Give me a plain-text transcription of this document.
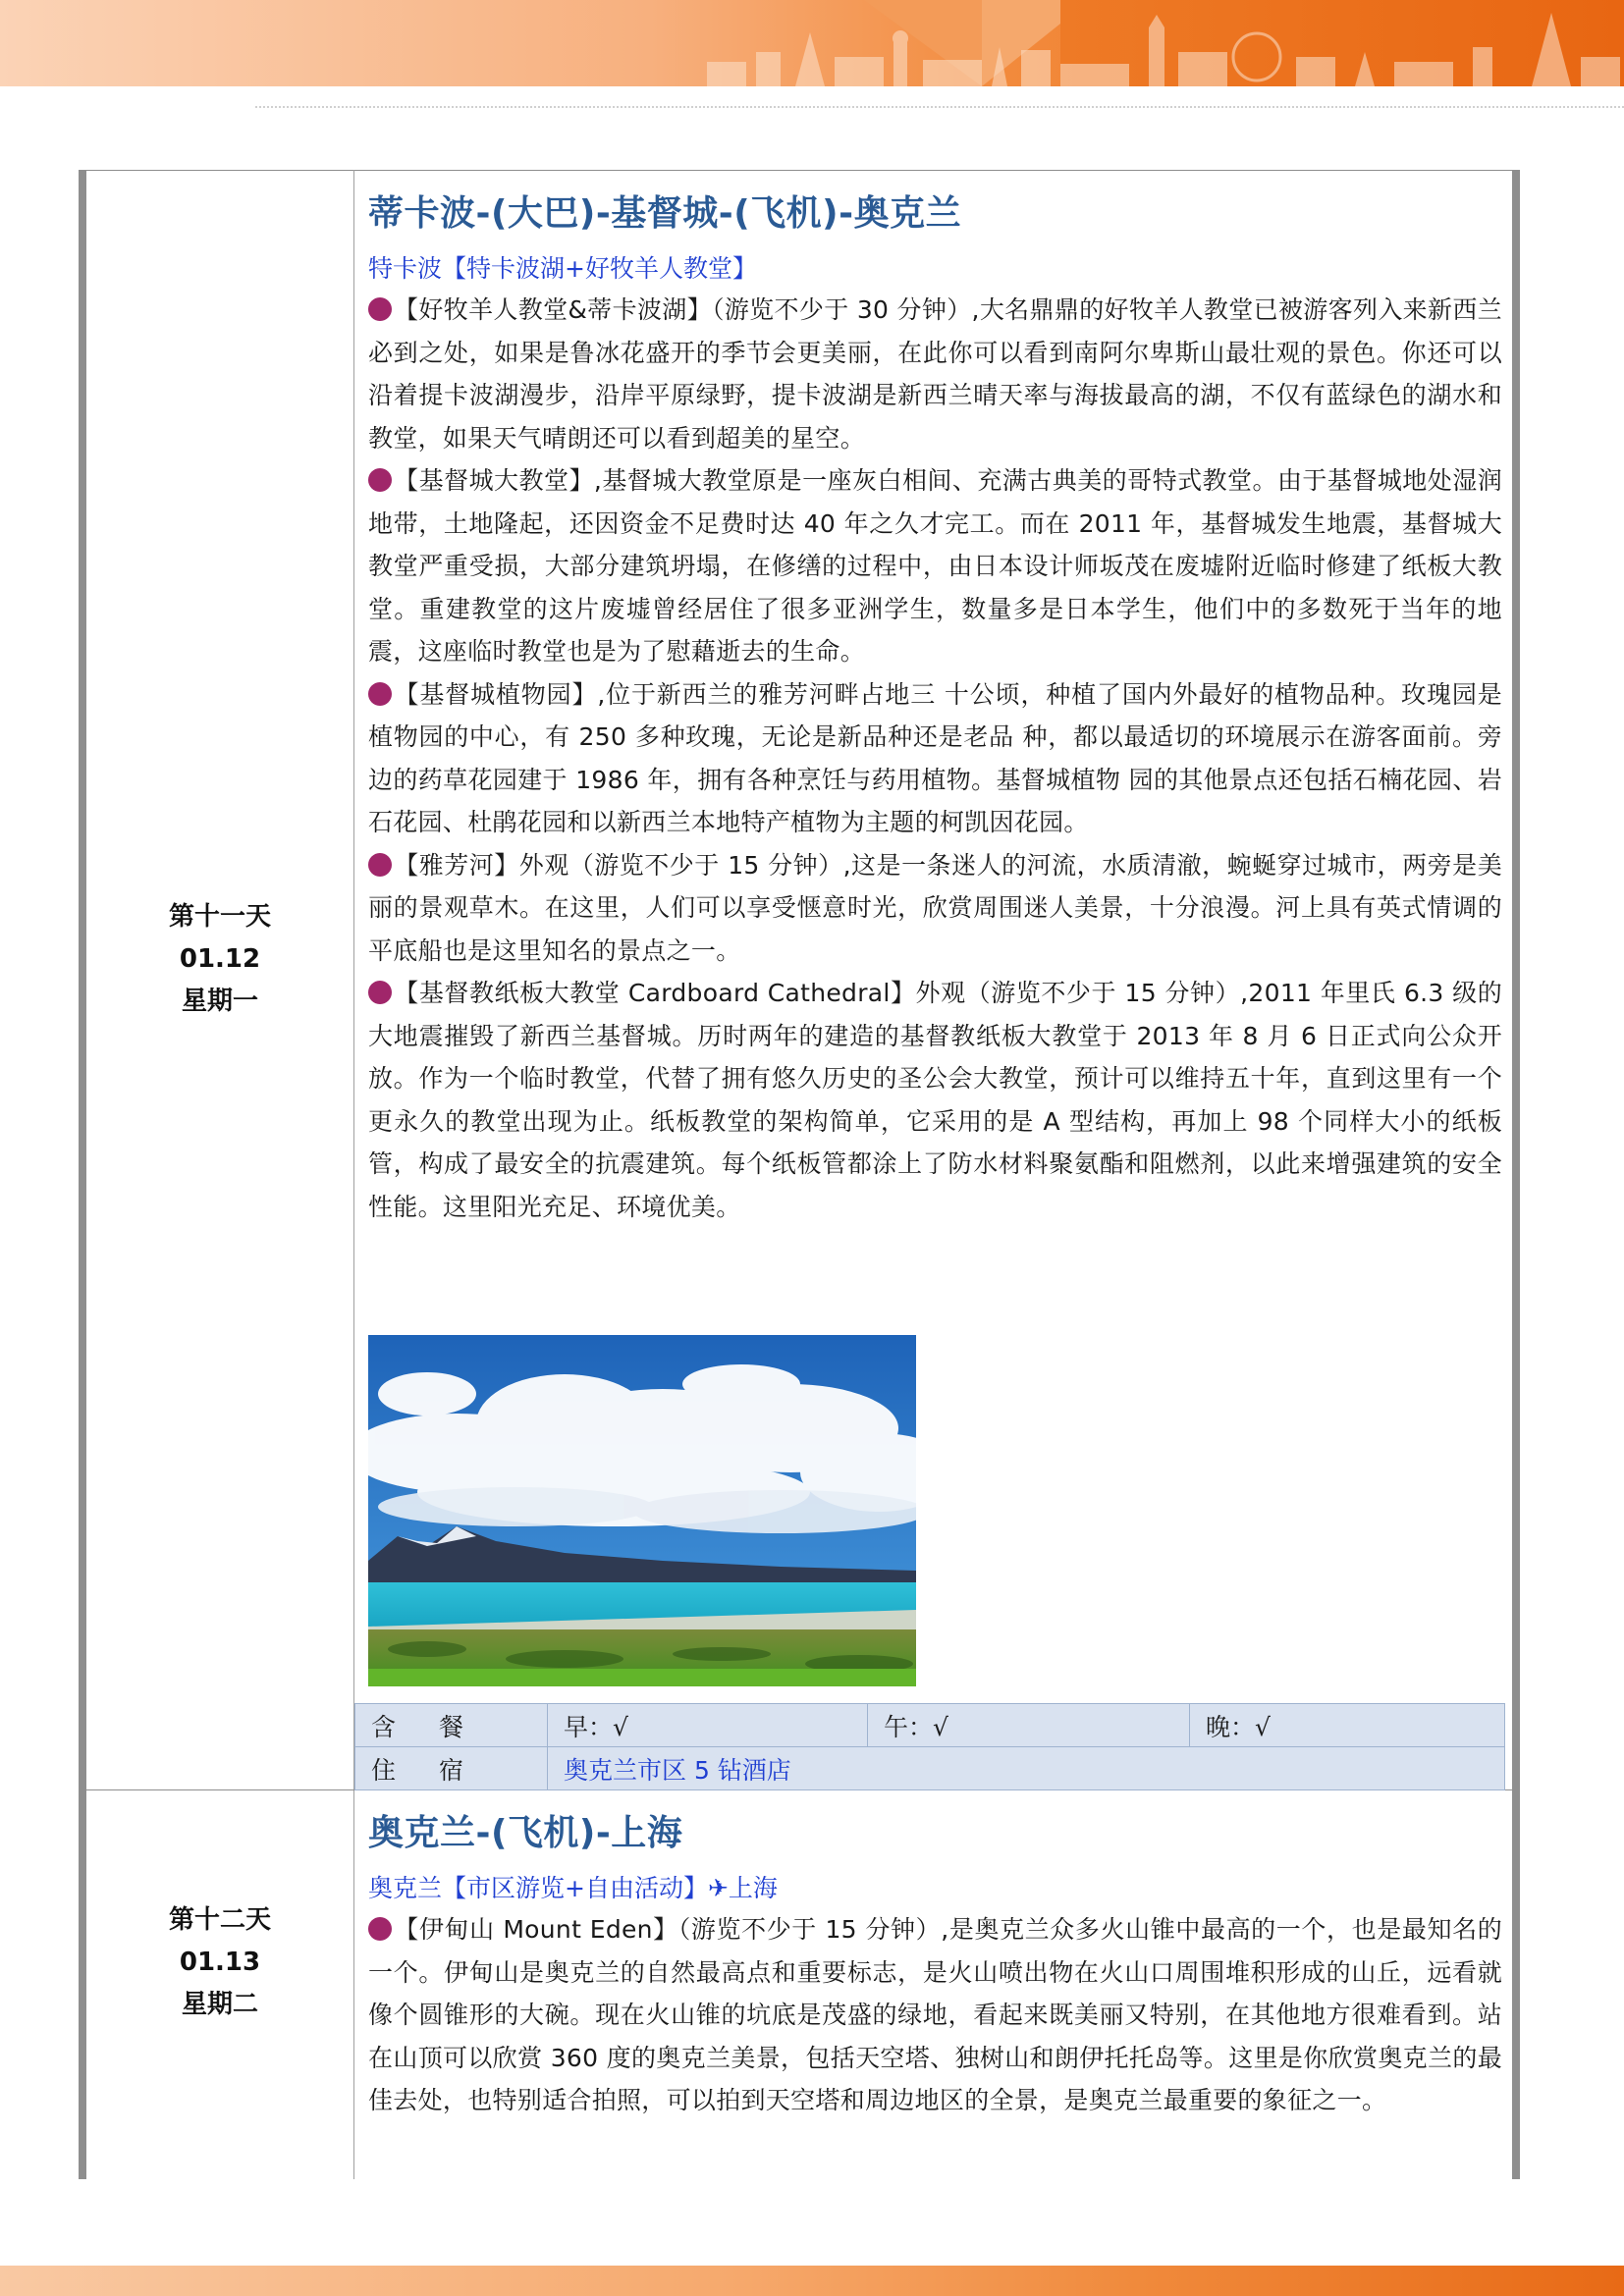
第十一天
01.12
星期一
蒂卡波-(大巴)-基督城-(飞机)-奥克兰
特卡波【特卡波湖+好牧羊人教堂】
【好牧羊人教堂&蒂卡波湖】（游览不少于 30 分钟）,大名鼎鼎的好牧羊人教堂已被游客列入来新西兰必到之处，如果是鲁冰花盛开的季节会更美丽，在此你可以看到南阿尔卑斯山最壮观的景色。你还可以沿着提卡波湖漫步，沿岸平原绿野，提卡波湖是新西兰晴天率与海拔最高的湖，不仅有蓝绿色的湖水和教堂，如果天气晴朗还可以看到超美的星空。
【基督城大教堂】,基督城大教堂原是一座灰白相间、充满古典美的哥特式教堂。由于基督城地处湿润地带，土地隆起，还因资金不足费时达 40 年之久才完工。而在 2011 年，基督城发生地震，基督城大教堂严重受损，大部分建筑坍塌，在修缮的过程中，由日本设计师坂茂在废墟附近临时修建了纸板大教堂。重建教堂的这片废墟曾经居住了很多亚洲学生，数量多是日本学生，他们中的多数死于当年的地震，这座临时教堂也是为了慰藉逝去的生命。
【基督城植物园】,位于新西兰的雅芳河畔占地三 十公顷，种植了国内外最好的植物品种。玫瑰园是植物园的中心，有 250 多种玫瑰，无论是新品种还是老品 种，都以最适切的环境展示在游客面前。旁边的药草花园建于 1986 年，拥有各种烹饪与药用植物。基督城植物 园的其他景点还包括石楠花园、岩石花园、杜鹃花园和以新西兰本地特产植物为主题的柯凯因花园。
【雅芳河】外观（游览不少于 15 分钟）,这是一条迷人的河流，水质清澈，蜿蜒穿过城市，两旁是美丽的景观草木。在这里，人们可以享受惬意时光，欣赏周围迷人美景，十分浪漫。河上具有英式情调的平底船也是这里知名的景点之一。
【基督教纸板大教堂 Cardboard Cathedral】外观（游览不少于 15 分钟）,2011 年里氏 6.3 级的大地震摧毁了新西兰基督城。历时两年的建造的基督教纸板大教堂于 2013 年 8 月 6 日正式向公众开放。作为一个临时教堂，代替了拥有悠久历史的圣公会大教堂，预计可以维持五十年，直到这里有一个更永久的教堂出现为止。纸板教堂的架构简单，它采用的是 A 型结构，再加上 98 个同样大小的纸板管，构成了最安全的抗震建筑。每个纸板管都涂上了防水材料聚氨酯和阻燃剂，以此来增强建筑的安全性能。这里阳光充足、环境优美。
含 餐	早：√	午：√	晚：√
住 宿	奥克兰市区 5 钻酒店		
第十二天
01.13
星期二
奥克兰-(飞机)-上海
奥克兰【市区游览+自由活动】✈上海
【伊甸山 Mount Eden】（游览不少于 15 分钟）,是奥克兰众多火山锥中最高的一个，也是最知名的一个。伊甸山是奥克兰的自然最高点和重要标志，是火山喷出物在火山口周围堆积形成的山丘，远看就像个圆锥形的大碗。现在火山锥的坑底是茂盛的绿地，看起来既美丽又特别，在其他地方很难看到。站在山顶可以欣赏 360 度的奥克兰美景，包括天空塔、独树山和朗伊托托岛等。这里是你欣赏奥克兰的最佳去处，也特别适合拍照，可以拍到天空塔和周边地区的全景，是奥克兰最重要的象征之一。
